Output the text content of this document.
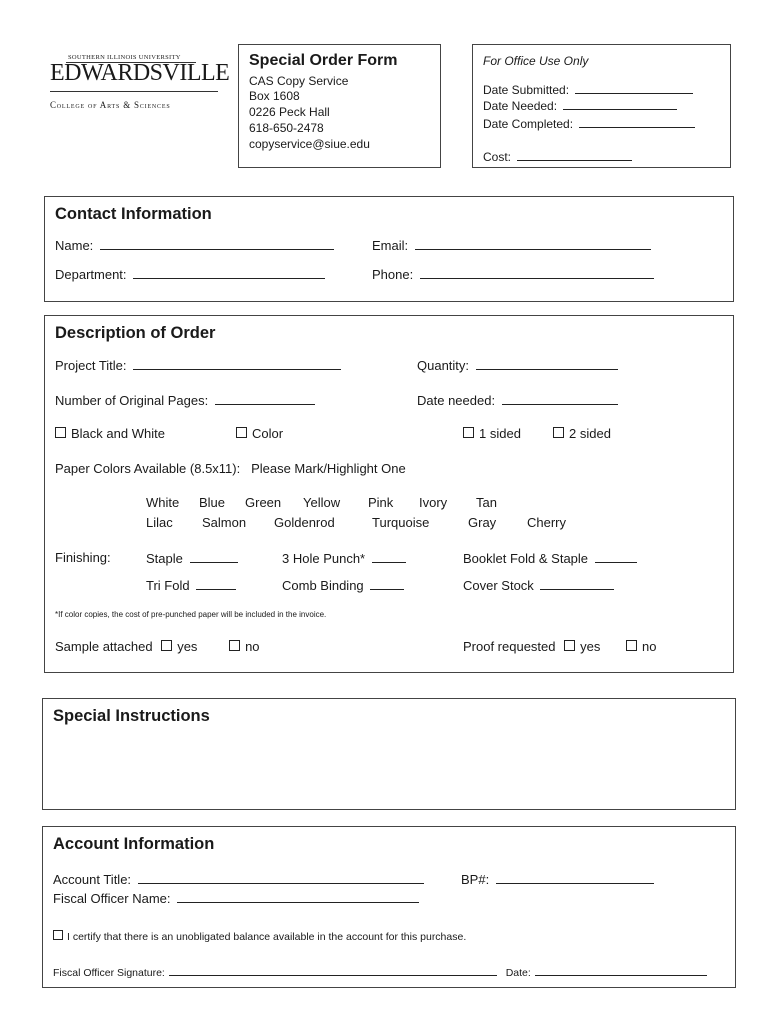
SOUTHERN ILLINOIS UNIVERSITY
EDWARDSVILLE
College of Arts & Sciences
Special Order Form
CAS Copy Service
Box 1608
0226 Peck Hall
618-650-2478
copyservice@siue.edu
For Office Use Only
Date Submitted:
Date Needed:
Date Completed:
Cost:
Contact Information
Name:	Email:
Department:	Phone:
Description of Order
Project Title:	Quantity:
Number of Original Pages:	Date needed:
Black and White	Color	1 sided	2 sided
Paper Colors Available (8.5x11):   Please Mark/Highlight One
White Blue Green Yellow Pink Ivory Tan
Lilac Salmon Goldenrod	Turquoise	Gray Cherry
Finishing:	Staple	3 Hole Punch*	Booklet Fold & Staple
Tri Fold	Comb Binding	Cover Stock
*If color copies, the cost of pre-punched paper will be included in the invoice.
Sample attached yes	no	Proof requested yes	no
Special Instructions
Account Information
Account Title:	BP#:
Fiscal Officer Name:
I certify that there is an unobligated balance available in the account for this purchase.
Fiscal Officer Signature:	Date:
